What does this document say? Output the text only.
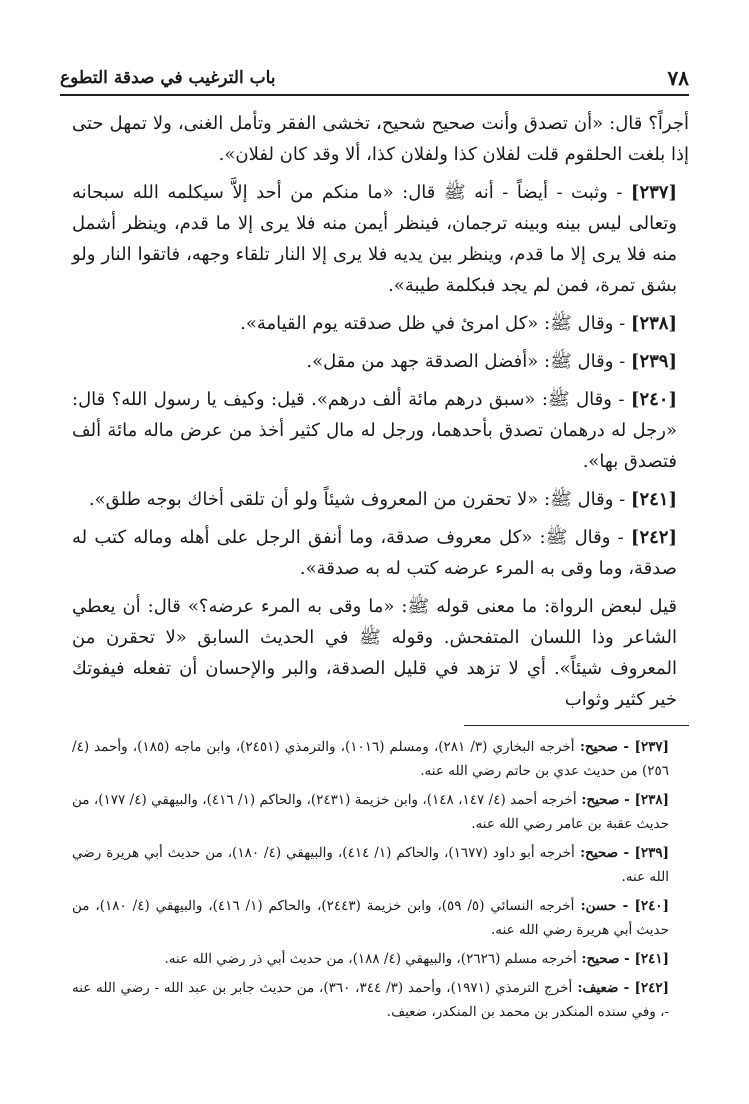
٧٨
باب الترغيب في صدقة التطوع

أجراً؟ قال: «أن تصدق وأنت صحيح شحيح، تخشى الفقر وتأمل الغنى، ولا تمهل حتى إذا بلغت الحلقوم قلت لفلان كذا ولفلان كذا، ألا وقد كان لفلان».

[٢٣٧] - وثبت - أيضاً - أنه ﷺ قال: «ما منكم من أحد إلاَّ سيكلمه الله سبحانه وتعالى ليس بينه وبينه ترجمان، فينظر أيمن منه فلا يرى إلا ما قدم، وينظر أشمل منه فلا يرى إلا ما قدم، وينظر بين يديه فلا يرى إلا النار تلقاء وجهه، فاتقوا النار ولو بشق تمرة، فمن لم يجد فبكلمة طيبة».

[٢٣٨] - وقال ﷺ: «كل امرئ في ظل صدقته يوم القيامة».

[٢٣٩] - وقال ﷺ: «أفضل الصدقة جهد من مقل».

[٢٤٠] - وقال ﷺ: «سبق درهم مائة ألف درهم». قيل: وكيف يا رسول الله؟ قال: «رجل له درهمان تصدق بأحدهما، ورجل له مال كثير أخذ من عرض ماله مائة ألف فتصدق بها».

[٢٤١] - وقال ﷺ: «لا تحقرن من المعروف شيئاً ولو أن تلقى أخاك بوجه طلق».

[٢٤٢] - وقال ﷺ: «كل معروف صدقة، وما أنفق الرجل على أهله وماله كتب له صدقة، وما وقى به المرء عرضه كتب له به صدقة».

قيل لبعض الرواة: ما معنى قوله ﷺ: «ما وقى به المرء عرضه؟» قال: أن يعطي الشاعر وذا اللسان المتفحش. وقوله ﷺ في الحديث السابق «لا تحقرن من المعروف شيئاً». أي لا تزهد في قليل الصدقة، والبر والإحسان أن تفعله فيفوتك خير كثير وثواب

[٢٣٧] - صحيح: أخرجه البخاري (٣/ ٢٨١)، ومسلم (١٠١٦)، والترمذي (٢٤٥١)، وابن ماجه (١٨٥)، وأحمد (٤/ ٢٥٦) من حديث عدي بن حاتم رضي الله عنه.

[٢٣٨] - صحيح: أخرجه أحمد (٤/ ١٤٧، ١٤٨)، وابن خزيمة (٢٤٣١)، والحاكم (١/ ٤١٦)، والبيهقي (٤/ ١٧٧)، من حديث عقبة بن عامر رضي الله عنه.

[٢٣٩] - صحيح: أخرجه أبو داود (١٦٧٧)، والحاكم (١/ ٤١٤)، والبيهقي (٤/ ١٨٠)، من حديث أبي هريرة رضي الله عنه.

[٢٤٠] - حسن: أخرجه النسائي (٥/ ٥٩)، وابن خزيمة (٢٤٤٣)، والحاكم (١/ ٤١٦)، والبيهقي (٤/ ١٨٠)، من حديث أبي هريرة رضي الله عنه.

[٢٤١] - صحيح: أخرجه مسلم (٢٦٢٦)، والبيهقي (٤/ ١٨٨)، من حديث أبي ذر رضي الله عنه.

[٢٤٢] - ضعيف: أخرج الترمذي (١٩٧١)، وأحمد (٣/ ٣٤٤، ٣٦٠)، من حديث جابر بن عبد الله - رضي الله عنه -، وفي سنده المنكدر بن محمد بن المنكدر، ضعيف.
